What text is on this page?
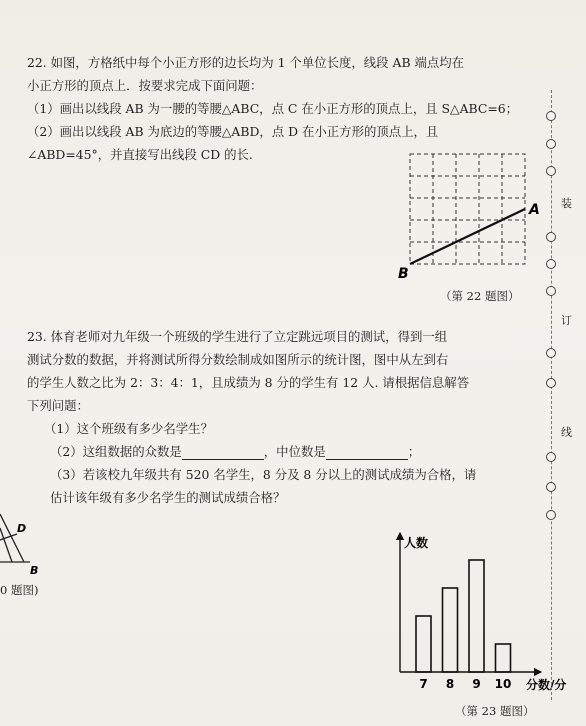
22. 如图，方格纸中每个小正方形的边长均为 1 个单位长度，线段 AB 端点均在
小正方形的顶点上．按要求完成下面问题：
（1）画出以线段 AB 为一腰的等腰△ABC，点 C 在小正方形的顶点上，且 S△ABC=6；
（2）画出以线段 AB 为底边的等腰△ABD，点 D 在小正方形的顶点上，且
∠ABD=45°，并直接写出线段 CD 的长.
A
B
（第 22 题图）
23. 体育老师对九年级一个班级的学生进行了立定跳远项目的测试，得到一组
测试分数的数据，并将测试所得分数绘制成如图所示的统计图，图中从左到右
的学生人数之比为 2：3：4：1，且成绩为 8 分的学生有 12 人. 请根据信息解答
下列问题：
（1）这个班级有多少名学生？
（2）这组数据的众数是	，中位数是	；
（3）若该校九年级共有 520 名学生，8 分及 8 分以上的测试成绩为合格，请
估计该年级有多少名学生的测试成绩合格？
D
B
0 题图)
人数
分数/分
7 8 9 10
（第 23 题图）
装
订
线
